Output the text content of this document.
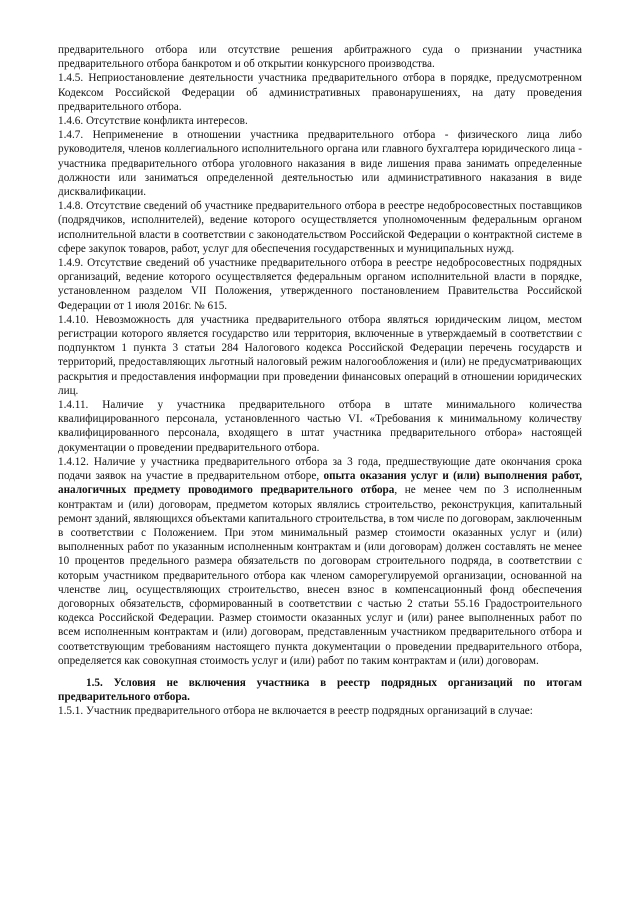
предварительного отбора или отсутствие решения арбитражного суда о признании участника предварительного отбора банкротом и об открытии конкурсного производства.

1.4.5. Неприостановление деятельности участника предварительного отбора в порядке, предусмотренном Кодексом Российской Федерации об административных правонарушениях, на дату проведения предварительного отбора.

1.4.6. Отсутствие конфликта интересов.

1.4.7. Неприменение в отношении участника предварительного отбора - физического лица либо руководителя, членов коллегиального исполнительного органа или главного бухгалтера юридического лица - участника предварительного отбора уголовного наказания в виде лишения права занимать определенные должности или заниматься определенной деятельностью или административного наказания в виде дисквалификации.

1.4.8. Отсутствие сведений об участнике предварительного отбора в реестре недобросовестных поставщиков (подрядчиков, исполнителей), ведение которого осуществляется уполномоченным федеральным органом исполнительной власти в соответствии с законодательством Российской Федерации о контрактной системе в сфере закупок товаров, работ, услуг для обеспечения государственных и муниципальных нужд.

1.4.9. Отсутствие сведений об участнике предварительного отбора в реестре недобросовестных подрядных организаций, ведение которого осуществляется федеральным органом исполнительной власти в порядке, установленном разделом VII Положения, утвержденного постановлением Правительства Российской Федерации от 1 июля 2016г. № 615.

1.4.10. Невозможность для участника предварительного отбора являться юридическим лицом, местом регистрации которого является государство или территория, включенные в утверждаемый в соответствии с подпунктом 1 пункта 3 статьи 284 Налогового кодекса Российской Федерации перечень государств и территорий, предоставляющих льготный налоговый режим налогообложения и (или) не предусматривающих раскрытия и предоставления информации при проведении финансовых операций в отношении юридических лиц.

1.4.11. Наличие у участника предварительного отбора в штате минимального количества квалифицированного персонала, установленного частью VI. «Требования к минимальному количеству квалифицированного персонала, входящего в штат участника предварительного отбора» настоящей документации о проведении предварительного отбора.

1.4.12. Наличие у участника предварительного отбора за 3 года, предшествующие дате окончания срока подачи заявок на участие в предварительном отборе, опыта оказания услуг и (или) выполнения работ, аналогичных предмету проводимого предварительного отбора, не менее чем по 3 исполненным контрактам и (или) договорам, предметом которых являлись строительство, реконструкция, капитальный ремонт зданий, являющихся объектами капитального строительства, в том числе по договорам, заключенным в соответствии с Положением. При этом минимальный размер стоимости оказанных услуг и (или) выполненных работ по указанным исполненным контрактам и (или договорам) должен составлять не менее 10 процентов предельного размера обязательств по договорам строительного подряда, в соответствии с которым участником предварительного отбора как членом саморегулируемой организации, основанной на членстве лиц, осуществляющих строительство, внесен взнос в компенсационный фонд обеспечения договорных обязательств, сформированный в соответствии с частью 2 статьи 55.16 Градостроительного кодекса Российской Федерации. Размер стоимости оказанных услуг и (или) ранее выполненных работ по всем исполненным контрактам и (или) договорам, представленным участником предварительного отбора и соответствующим требованиям настоящего пункта документации о проведении предварительного отбора, определяется как совокупная стоимость услуг и (или) работ по таким контрактам и (или) договорам.

1.5. Условия не включения участника в реестр подрядных организаций по итогам предварительного отбора.

1.5.1. Участник предварительного отбора не включается в реестр подрядных организаций в случае:
